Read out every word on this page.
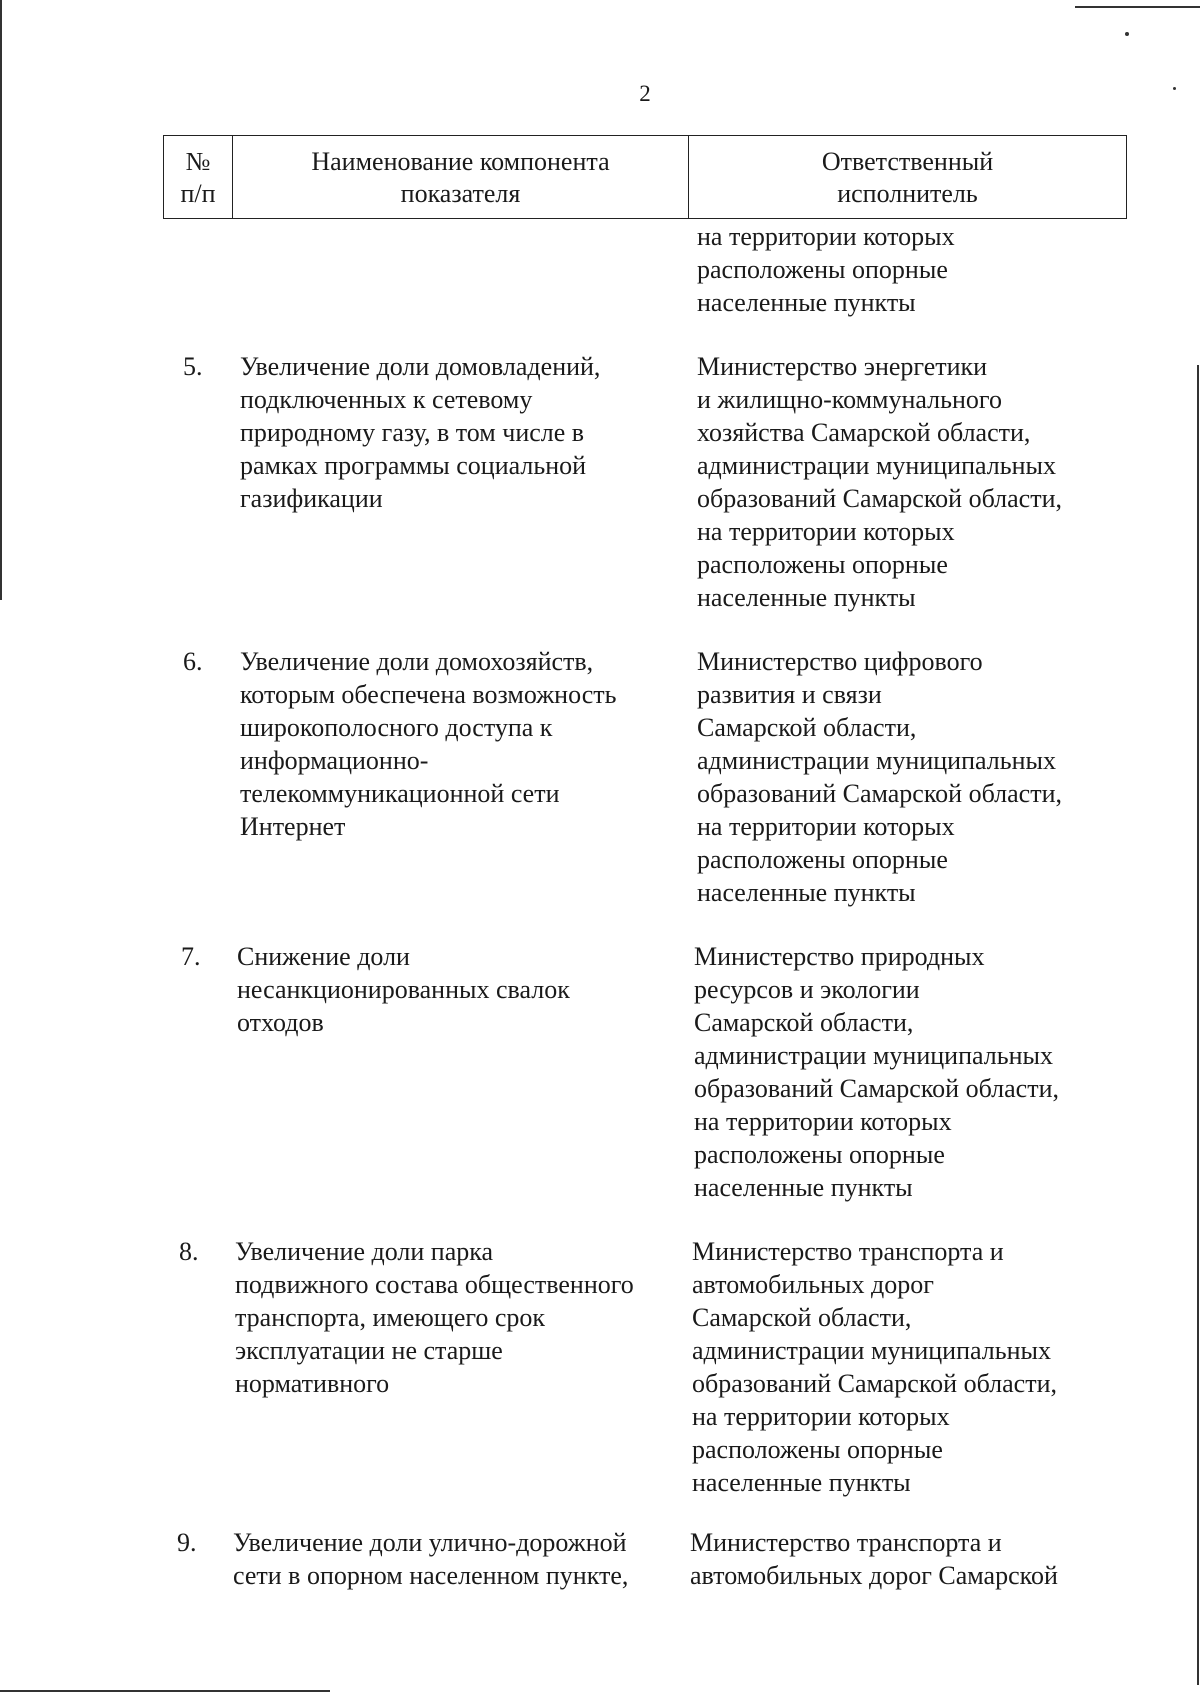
2
№
п/п
Наименование компонента
показателя
Ответственный
исполнитель
на территории которых
расположены опорные
населенные пункты
5. Увеличение доли домовладений,
подключенных к сетевому
природному газу, в том числе в
рамках программы социальной
газификации
Министерство энергетики
и жилищно-коммунального
хозяйства Самарской области,
администрации муниципальных
образований Самарской области,
на территории которых
расположены опорные
населенные пункты
6. Увеличение доли домохозяйств,
которым обеспечена возможность
широкополосного доступа к
информационно-
телекоммуникационной сети
Интернет
Министерство цифрового
развития и связи
Самарской области,
администрации муниципальных
образований Самарской области,
на территории которых
расположены опорные
населенные пункты
7. Снижение доли
несанкционированных свалок
отходов
Министерство природных
ресурсов и экологии
Самарской области,
администрации муниципальных
образований Самарской области,
на территории которых
расположены опорные
населенные пункты
8. Увеличение доли парка
подвижного состава общественного
транспорта, имеющего срок
эксплуатации не старше
нормативного
Министерство транспорта и
автомобильных дорог
Самарской области,
администрации муниципальных
образований Самарской области,
на территории которых
расположены опорные
населенные пункты
9. Увеличение доли улично-дорожной
сети в опорном населенном пункте,
Министерство транспорта и
автомобильных дорог Самарской
